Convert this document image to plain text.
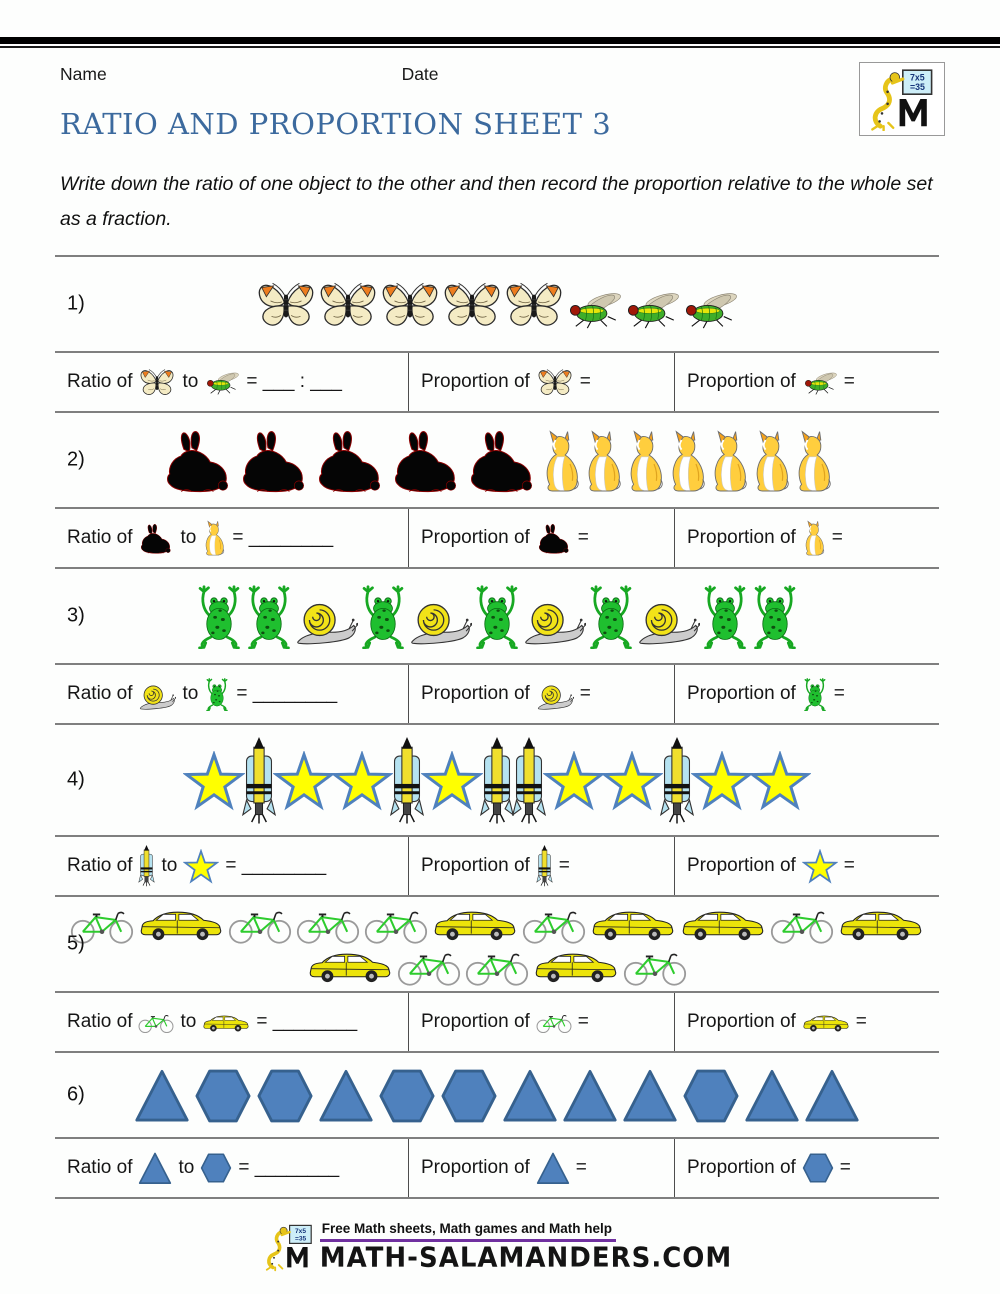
Name	Date
RATIO AND PROPORTION SHEET 3

Write down the ratio of one object to the other and then record the proportion relative to the whole set as a fraction.

1)
Ratio of	to	= ___ : ___	Proportion of	=	Proportion of	=
2)
Ratio of	to = ________	Proportion of	=	Proportion of =
3)
Ratio of	to = ________	Proportion of	=	Proportion of =
4)
Ratio of to	= ________	Proportion of =	Proportion of	=
5)
Ratio of	to	= ________	Proportion of	=	Proportion of	=
6)
Ratio of to = ________	Proportion of =	Proportion of =
Free Math sheets, Math games and Math help
MATH-SALAMANDERS.COM
